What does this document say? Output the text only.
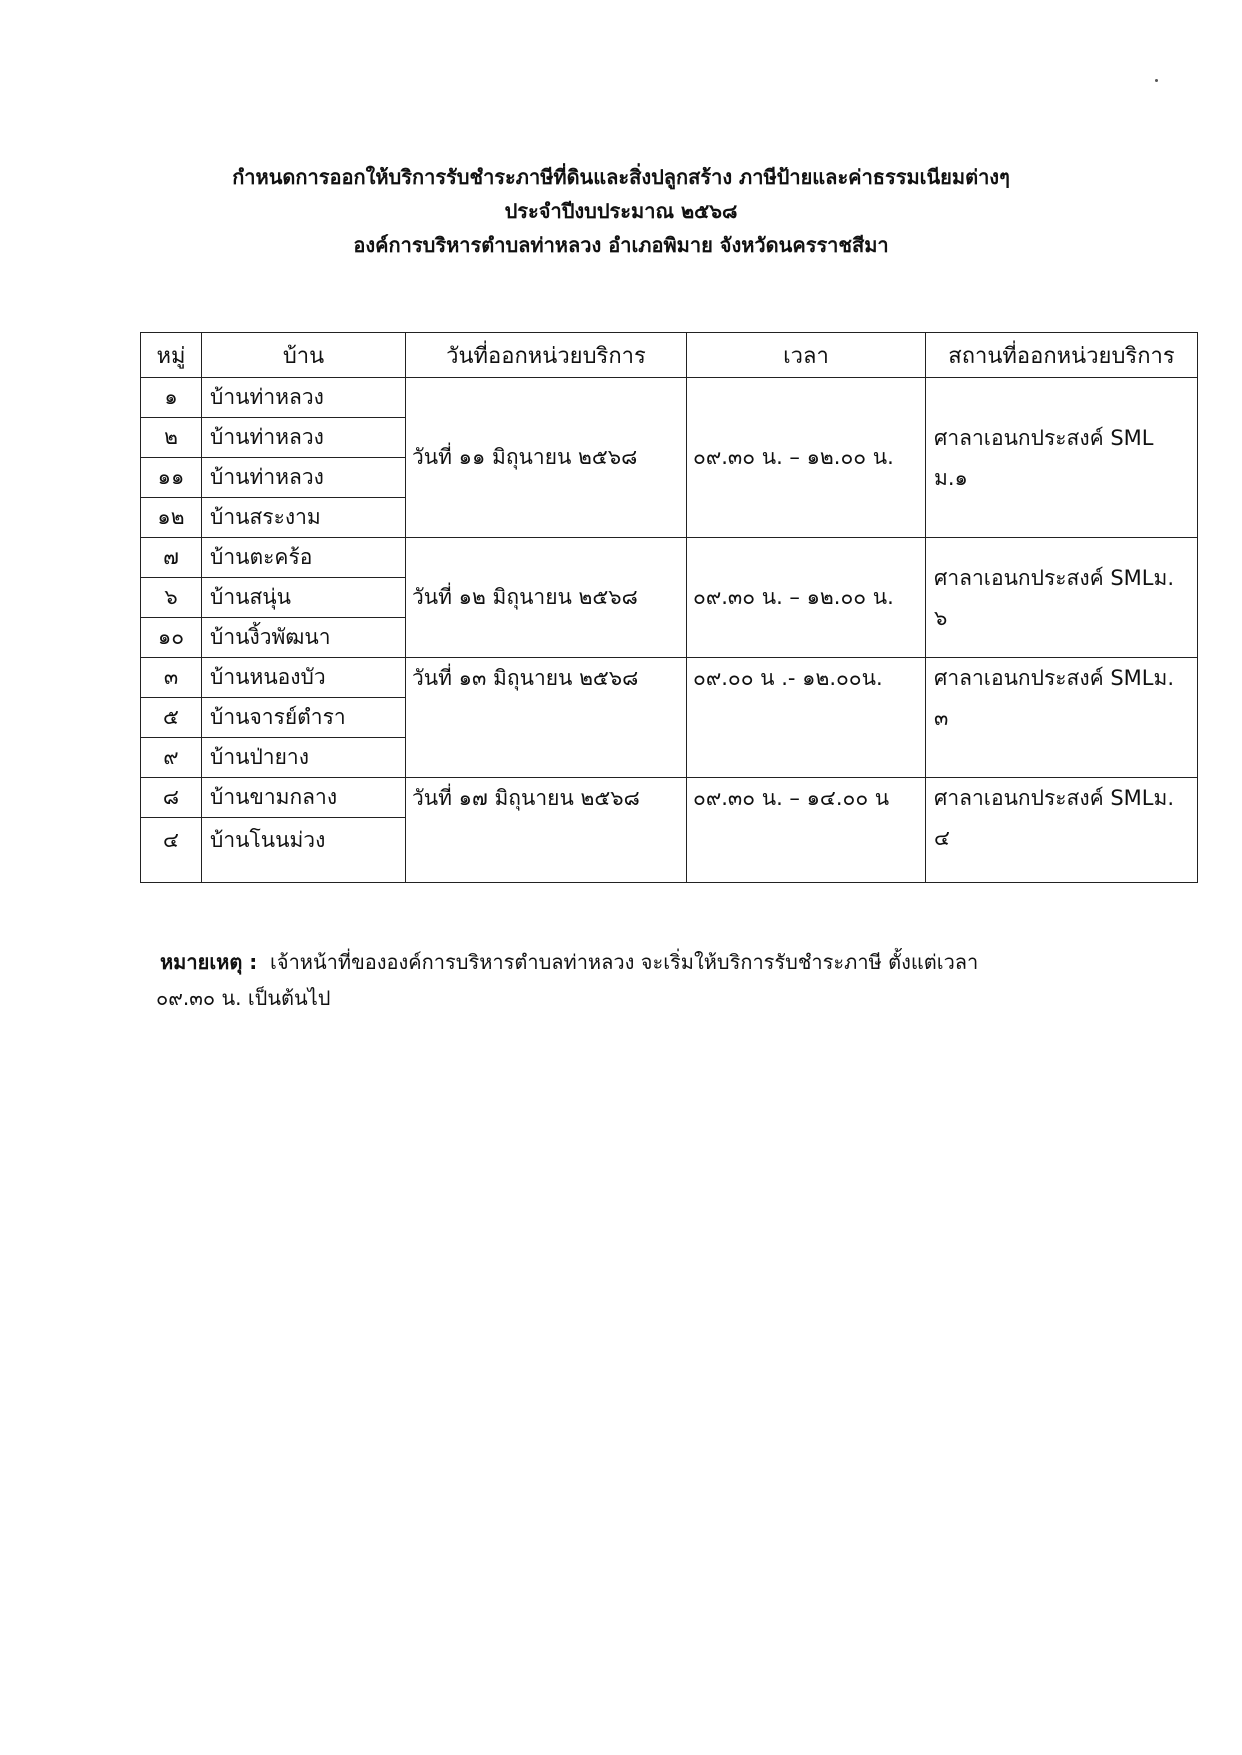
กำหนดการออกให้บริการรับชำระภาษีที่ดินและสิ่งปลูกสร้าง ภาษีป้ายและค่าธรรมเนียมต่างๆ
ประจำปีงบประมาณ ๒๕๖๘
องค์การบริหารตำบลท่าหลวง อำเภอพิมาย จังหวัดนครราชสีมา
หมู่	บ้าน	วันที่ออกหน่วยบริการ	เวลา	สถานที่ออกหน่วยบริการ
๑	บ้านท่าหลวง	วันที่ ๑๑ มิถุนายน ๒๕๖๘	๐๙.๓๐ น. – ๑๒.๐๐ น.	ศาลาเอนกประสงค์ SML ม.๑
๒	บ้านท่าหลวง			
๑๑	บ้านท่าหลวง			
๑๒	บ้านสระงาม			
๗	บ้านตะคร้อ	วันที่ ๑๒ มิถุนายน ๒๕๖๘	๐๙.๓๐ น. – ๑๒.๐๐ น.	ศาลาเอนกประสงค์ SMLม. ๖
๖	บ้านสนุ่น			
๑๐	บ้านงิ้วพัฒนา			
๓	บ้านหนองบัว	วันที่ ๑๓ มิถุนายน ๒๕๖๘	๐๙.๐๐ น .- ๑๒.๐๐น.	ศาลาเอนกประสงค์ SMLม. ๓
๕	บ้านจารย์ตำรา			
๙	บ้านป่ายาง			
๘	บ้านขามกลาง	วันที่ ๑๗ มิถุนายน ๒๕๖๘	๐๙.๓๐ น. – ๑๔.๐๐ น	ศาลาเอนกประสงค์ SMLม. ๔
๔	บ้านโนนม่วง			
หมายเหตุ : เจ้าหน้าที่ขององค์การบริหารตำบลท่าหลวง จะเริ่มให้บริการรับชำระภาษี ตั้งแต่เวลา
๐๙.๓๐ น. เป็นต้นไป
